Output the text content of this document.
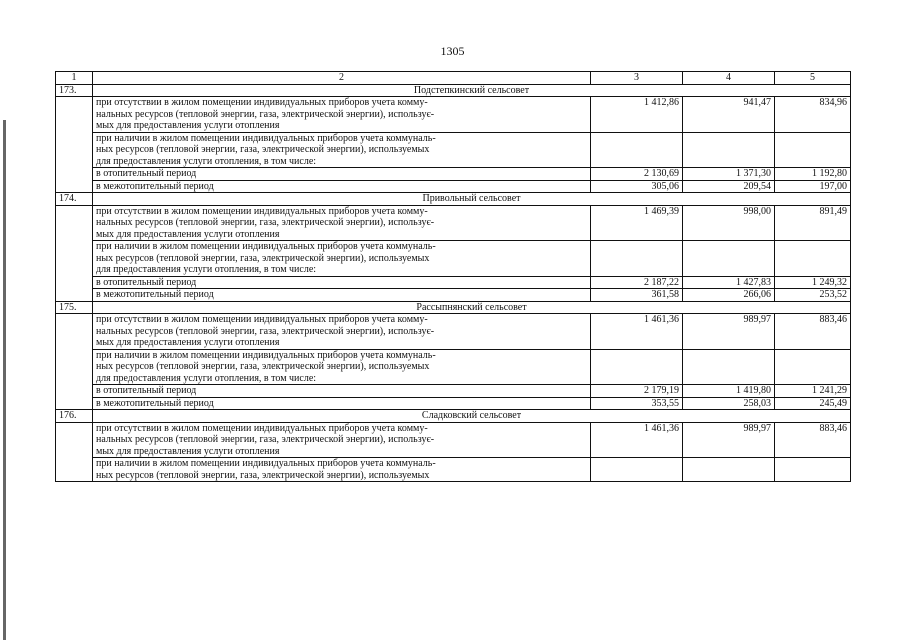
1305
1	2	3	4	5
173.	Подстепкинский сельсовет			

	при отсутствии в жилом помещении индивидуальных приборов учета комму-
нальных ресурсов (тепловой энергии, газа, электрической энергии), использує-
мых для предоставления услуги отопления	1 412,86	941,47	834,96

	при наличии в жилом помещении индивидуальных приборов учета коммуналь-
ных ресурсов (тепловой энергии, газа, электрической энергии), используемых
для предоставления услуги отопления, в том числе:			

	в отопительный период	2 130,69	1 371,30	1 192,80

	в межотопительный период	305,06	209,54	197,00
174.	Привольный сельсовет			

	при отсутствии в жилом помещении индивидуальных приборов учета комму-
нальных ресурсов (тепловой энергии, газа, электрической энергии), использує-
мых для предоставления услуги отопления	1 469,39	998,00	891,49

	при наличии в жилом помещении индивидуальных приборов учета коммуналь-
ных ресурсов (тепловой энергии, газа, электрической энергии), используемых
для предоставления услуги отопления, в том числе:			

	в отопительный период	2 187,22	1 427,83	1 249,32

	в межотопительный период	361,58	266,06	253,52
175.	Рассыпнянский сельсовет			

	при отсутствии в жилом помещении индивидуальных приборов учета комму-
нальных ресурсов (тепловой энергии, газа, электрической энергии), использує-
мых для предоставления услуги отопления	1 461,36	989,97	883,46

	при наличии в жилом помещении индивидуальных приборов учета коммуналь-
ных ресурсов (тепловой энергии, газа, электрической энергии), используемых
для предоставления услуги отопления, в том числе:			

	в отопительный период	2 179,19	1 419,80	1 241,29

	в межотопительный период	353,55	258,03	245,49
176.	Сладковский сельсовет			

	при отсутствии в жилом помещении индивидуальных приборов учета комму-
нальных ресурсов (тепловой энергии, газа, электрической энергии), использує-
мых для предоставления услуги отопления	1 461,36	989,97	883,46

	при наличии в жилом помещении индивидуальных приборов учета коммуналь-
ных ресурсов (тепловой энергии, газа, электрической энергии), используемых			
